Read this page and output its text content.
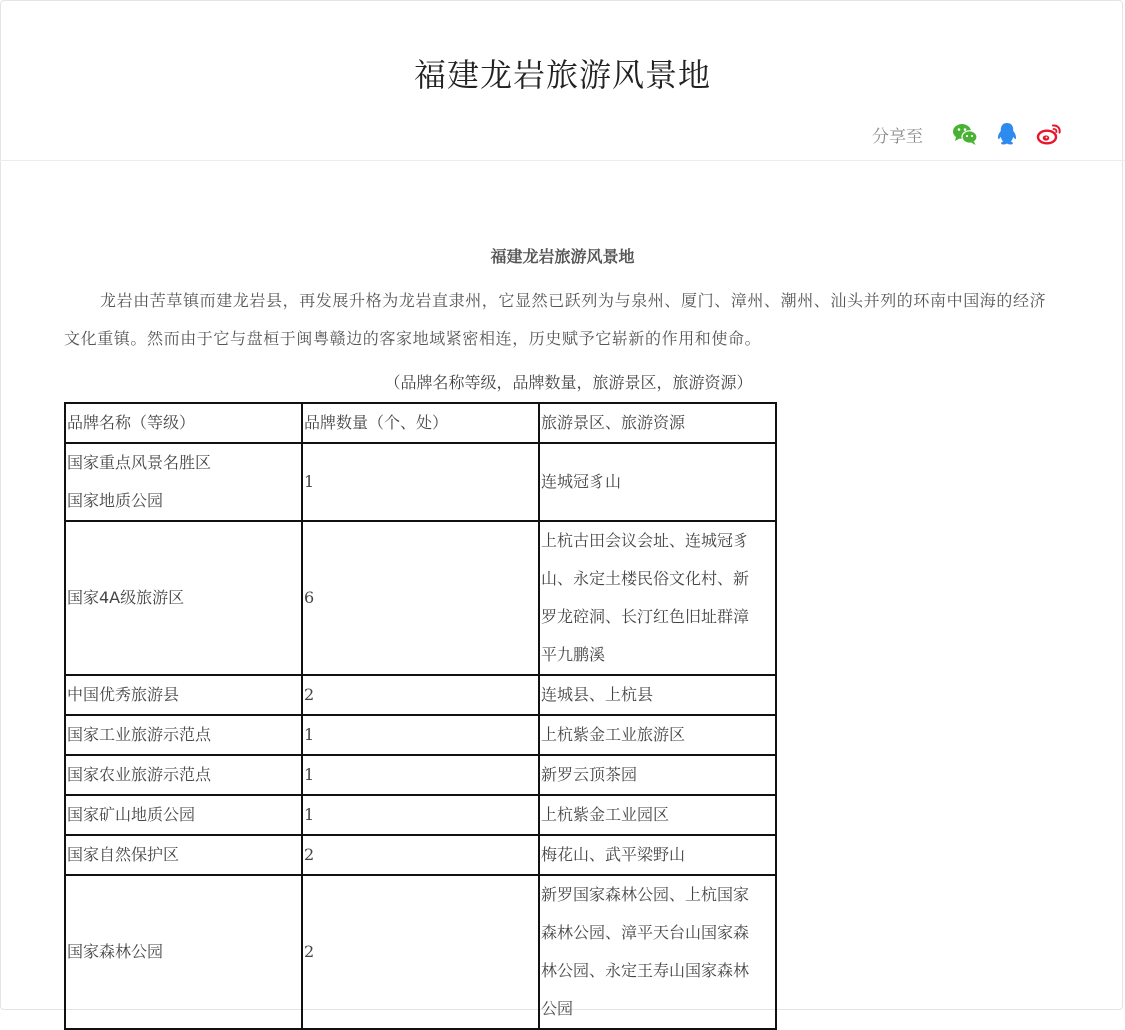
福建龙岩旅游风景地
分享至
福建龙岩旅游风景地

龙岩由苦草镇而建龙岩县，再发展升格为龙岩直隶州，它显然已跃列为与泉州、厦门、漳州、潮州、汕头并列的环南中国海的经济文化重镇。然而由于它与盘桓于闽粤赣边的客家地域紧密相连，历史赋予它崭新的作用和使命。

（品牌名称等级，品牌数量，旅游景区，旅游资源）
品牌名称（等级）	品牌数量（个、处）	旅游景区、旅游资源

国家重点风景名胜区
国家地质公园	1	连城冠豸山

国家4A级旅游区	6	上杭古田会议会址、连城冠豸
山、永定土楼民俗文化村、新
罗龙硿洞、长汀红色旧址群漳
平九鹏溪

中国优秀旅游县	2	连城县、上杭县

国家工业旅游示范点	1	上杭紫金工业旅游区

国家农业旅游示范点	1	新罗云顶茶园

国家矿山地质公园	1	上杭紫金工业园区

国家自然保护区	2	梅花山、武平梁野山

国家森林公园	2	新罗国家森林公园、上杭国家
森林公园、漳平天台山国家森
林公园、永定王寿山国家森林
公园
